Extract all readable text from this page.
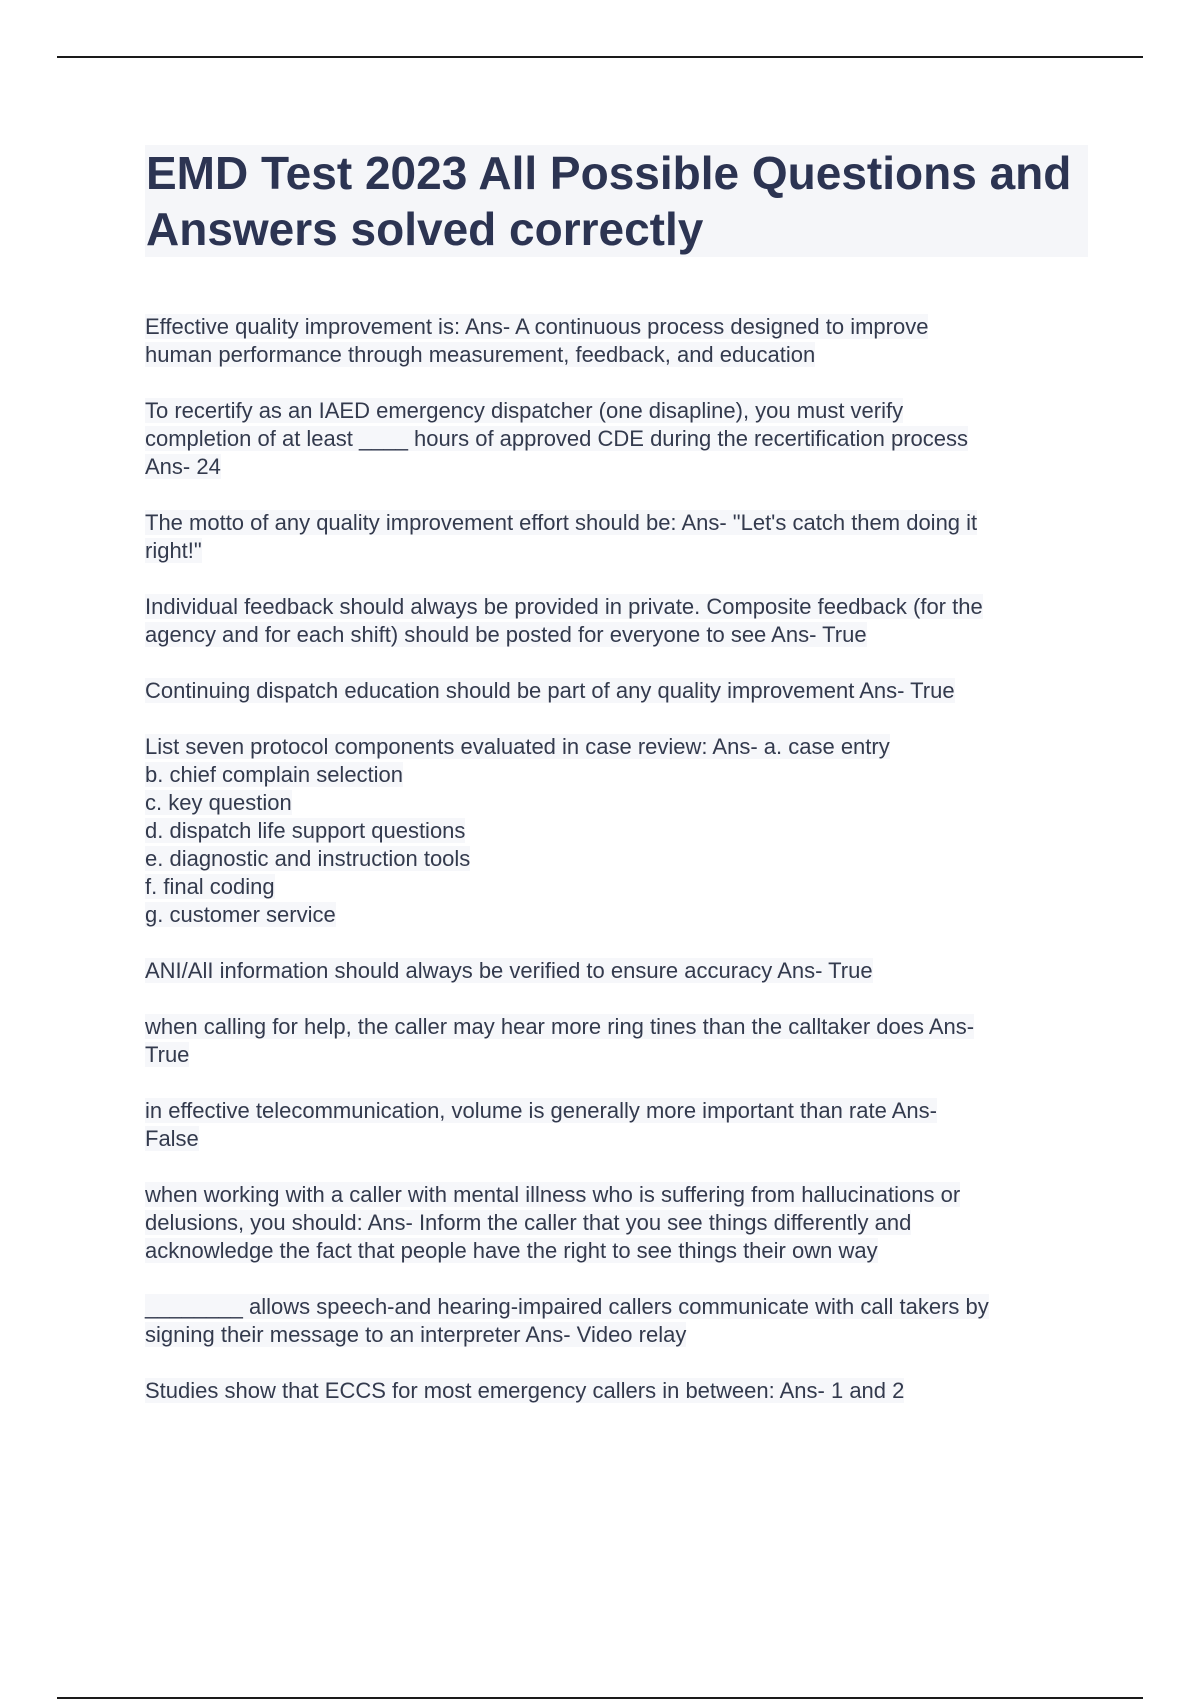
EMD Test 2023 All Possible Questions and Answers solved correctly

Effective quality improvement is: Ans- A continuous process designed to improve
human performance through measurement, feedback, and education

To recertify as an IAED emergency dispatcher (one disapline), you must verify
completion of at least ____ hours of approved CDE during the recertification process
Ans- 24

The motto of any quality improvement effort should be: Ans- "Let's catch them doing it
right!"

Individual feedback should always be provided in private. Composite feedback (for the
agency and for each shift) should be posted for everyone to see Ans- True

Continuing dispatch education should be part of any quality improvement Ans- True

List seven protocol components evaluated in case review: Ans- a. case entry
b. chief complain selection
c. key question
d. dispatch life support questions
e. diagnostic and instruction tools
f. final coding
g. customer service

ANI/AlI information should always be verified to ensure accuracy Ans- True

when calling for help, the caller may hear more ring tines than the calltaker does Ans-
True

in effective telecommunication, volume is generally more important than rate Ans-
False

when working with a caller with mental illness who is suffering from hallucinations or
delusions, you should: Ans- Inform the caller that you see things differently and
acknowledge the fact that people have the right to see things their own way

________ allows speech-and hearing-impaired callers communicate with call takers by
signing their message to an interpreter Ans- Video relay

Studies show that ECCS for most emergency callers in between: Ans- 1 and 2
